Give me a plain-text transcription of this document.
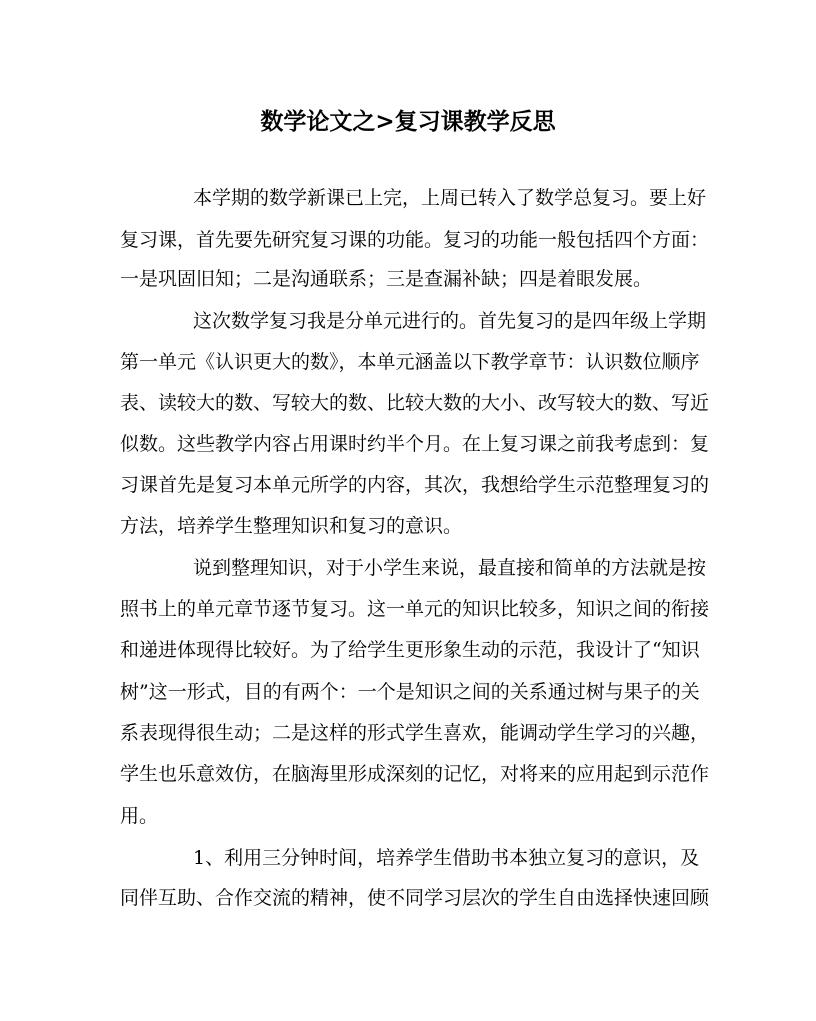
数学论文之>复习课教学反思

本学期的数学新课已上完，上周已转入了数学总复习。要上好

复习课，首先要先研究复习课的功能。复习的功能一般包括四个方面：

一是巩固旧知；二是沟通联系；三是查漏补缺；四是着眼发展。

这次数学复习我是分单元进行的。首先复习的是四年级上学期

第一单元《认识更大的数》，本单元涵盖以下教学章节：认识数位顺序

表、读较大的数、写较大的数、比较大数的大小、改写较大的数、写近

似数。这些教学内容占用课时约半个月。在上复习课之前我考虑到：复

习课首先是复习本单元所学的内容，其次，我想给学生示范整理复习的

方法，培养学生整理知识和复习的意识。

说到整理知识，对于小学生来说，最直接和简单的方法就是按

照书上的单元章节逐节复习。这一单元的知识比较多，知识之间的衔接

和递进体现得比较好。为了给学生更形象生动的示范，我设计了“知识

树”这一形式，目的有两个：一个是知识之间的关系通过树与果子的关

系表现得很生动；二是这样的形式学生喜欢，能调动学生学习的兴趣，

学生也乐意效仿，在脑海里形成深刻的记忆，对将来的应用起到示范作

用。

1、利用三分钟时间，培养学生借助书本独立复习的意识，及

同伴互助、合作交流的精神，使不同学习层次的学生自由选择快速回顾
